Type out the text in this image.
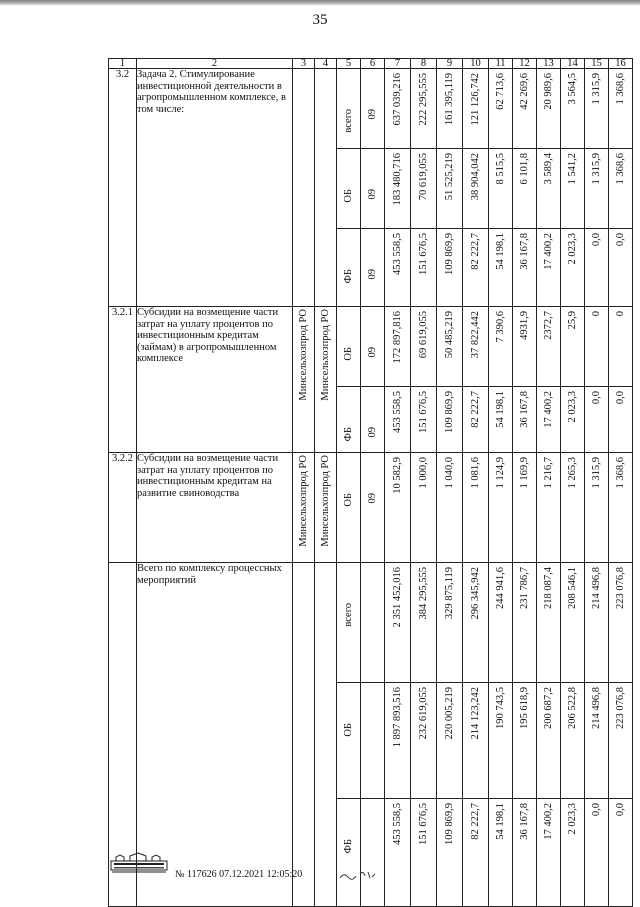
35
1	2	3	4	5	6	7	8	9	10	11	12	13	14	15	16
3.2	Задача 2. Стимулирование инвестиционной деятельности в агропромышленном комплексе, в том числе:			всего	09	637 039,216	222 295,555	161 395,119	121 126,742	62 713,6	42 269,6	20 989,6	3 564,5	1 315,9	1 368,6

				ОБ	09	183 480,716	70 619,055	51 525,219	38 904,042	8 515,5	6 101,8	3 589,4	1 541,2	1 315,9	1 368,6

				ФБ	09	453 558,5	151 676,5	109 869,9	82 222,7	54 198,1	36 167,8	17 400,2	2 023,3	0,0	0,0

3.2.1	Субсидии на возмещение части затрат на уплату процентов по инвестиционным кредитам (займам) в агропромышленном комплексе	Минсельхозпрод РО	Минсельхозпрод РО	ОБ	09	172 897,816	69 619,055	50 485,219	37 822,442	7 390,6	4931,9	2372,7	25,9	0	0

				ФБ	09	453 558,5	151 676,5	109 869,9	82 222,7	54 198,1	36 167,8	17 400,2	2 023,3	0,0	0,0

3.2.2	Субсидии на возмещение части затрат на уплату процентов по инвестиционным кредитам на развитие свиноводства	Минсельхозпрод РО	Минсельхозпрод РО	ОБ	09	10 582,9	1 000,0	1 040,0	1 081,6	1 124,9	1 169,9	1 216,7	1 265,3	1 315,9	1 368,6

	Всего по комплексу процессных мероприятий			всего		2 351 452,016	384 295,555	329 875,119	296 345,942	244 941,6	231 786,7	218 087,4	208 546,1	214 496,8	223 076,8

				ОБ		1 897 893,516	232 619,055	220 005,219	214 123,242	190 743,5	195 618,9	200 687,2	206 522,8	214 496,8	223 076,8

				ФБ		453 558,5	151 676,5	109 869,9	82 222,7	54 198,1	36 167,8	17 400,2	2 023,3	0,0	0,0
№ 117626 07.12.2021 12:05:20
